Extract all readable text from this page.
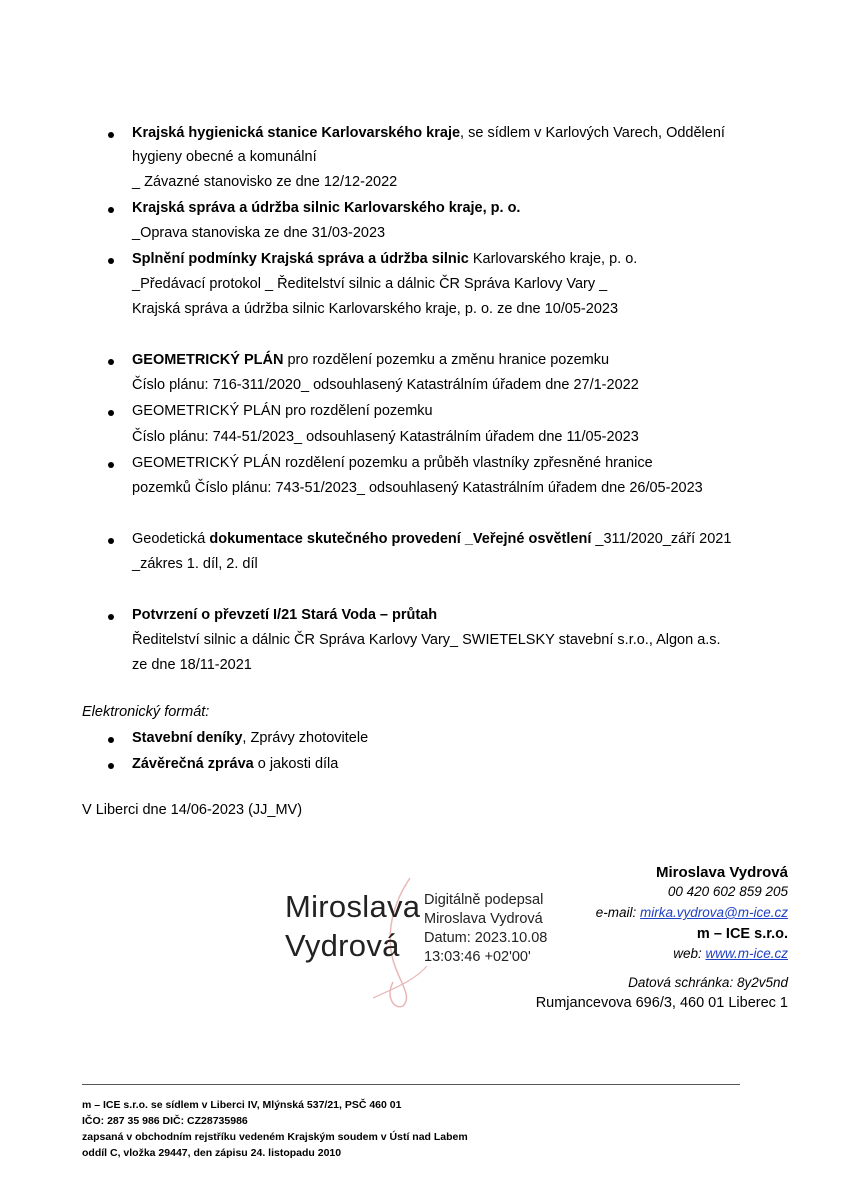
Krajská hygienická stanice Karlovarského kraje, se sídlem v Karlových Varech, Oddělení
hygieny obecné a komunální
_ Závazné stanovisko ze dne 12/12-2022
Krajská správa a údržba silnic Karlovarského kraje, p. o.
_Oprava stanoviska ze dne 31/03-2023
Splnění podmínky Krajská správa a údržba silnic Karlovarského kraje, p. o.
_Předávací protokol _ Ředitelství silnic a dálnic ČR Správa Karlovy Vary _
Krajská správa a údržba silnic Karlovarského kraje, p. o. ze dne 10/05-2023
GEOMETRICKÝ PLÁN pro rozdělení pozemku a změnu hranice pozemku
Číslo plánu: 716-311/2020_ odsouhlasený Katastrálním úřadem dne 27/1-2022
GEOMETRICKÝ PLÁN pro rozdělení pozemku
Číslo plánu: 744-51/2023_ odsouhlasený Katastrálním úřadem dne 11/05-2023
GEOMETRICKÝ PLÁN rozdělení pozemku a průběh vlastníky zpřesněné hranice
pozemků Číslo plánu: 743-51/2023_ odsouhlasený Katastrálním úřadem dne 26/05-2023
Geodetická dokumentace skutečného provedení _Veřejné osvětlení _311/2020_září 2021
_zákres 1. díl, 2. díl
Potvrzení o převzetí I/21 Stará Voda – průtah
Ředitelství silnic a dálnic ČR Správa Karlovy Vary_ SWIETELSKY stavební s.r.o., Algon a.s.
ze dne 18/11-2021
Elektronický formát:
Stavební deníky, Zprávy zhotovitele
Závěrečná zpráva o jakosti díla
V Liberci dne 14/06-2023 (JJ_MV)
Miroslava
Vydrová
Digitálně podepsal
Miroslava Vydrová
Datum: 2023.10.08
13:03:46 +02'00'
Miroslava Vydrová
00 420 602 859 205
e-mail: mirka.vydrova@m-ice.cz
m – ICE s.r.o.
web: www.m-ice.cz
Datová schránka: 8y2v5nd
Rumjancevova 696/3, 460 01 Liberec 1
m – ICE s.r.o. se sídlem v Liberci IV, Mlýnská 537/21, PSČ 460 01
IČO: 287 35 986 DIČ: CZ28735986
zapsaná v obchodním rejstříku vedeném Krajským soudem v Ústí nad Labem
oddíl C, vložka 29447, den zápisu 24. listopadu 2010
